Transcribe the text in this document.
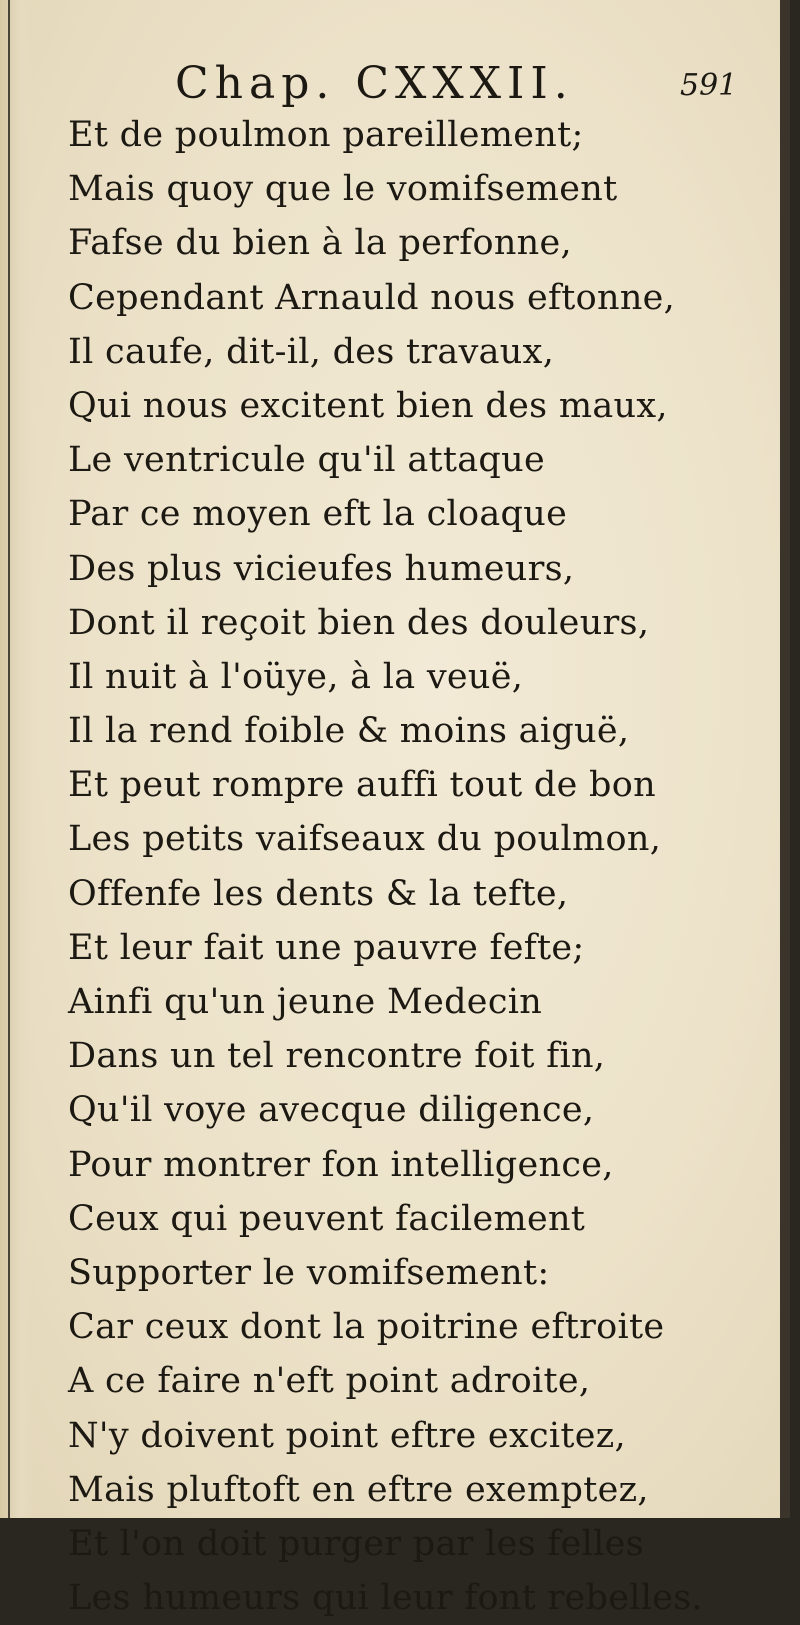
Chap. CXXXII.	591
Et de poulmon pareillement;
Mais quoy que le vomifsement
Fafse du bien à la perfonne,
Cependant Arnauld nous eftonne,
Il caufe, dit-il, des travaux,
Qui nous excitent bien des maux,
Le ventricule qu'il attaque
Par ce moyen eft la cloaque
Des plus vicieufes humeurs,
Dont il reçoit bien des douleurs,
Il nuit à l'oüye, à la veuë,
Il la rend foible & moins aiguë,
Et peut rompre auffi tout de bon
Les petits vaifseaux du poulmon,
Offenfe les dents & la tefte,
Et leur fait une pauvre fefte;
Ainfi qu'un jeune Medecin
Dans un tel rencontre foit fin,
Qu'il voye avecque diligence,
Pour montrer fon intelligence,
Ceux qui peuvent facilement
Supporter le vomifsement:
Car ceux dont la poitrine eftroite
A ce faire n'eft point adroite,
N'y doivent point eftre excitez,
Mais pluftoft en eftre exemptez,
Et l'on doit purger par les felles
Les humeurs qui leur font rebelles.
